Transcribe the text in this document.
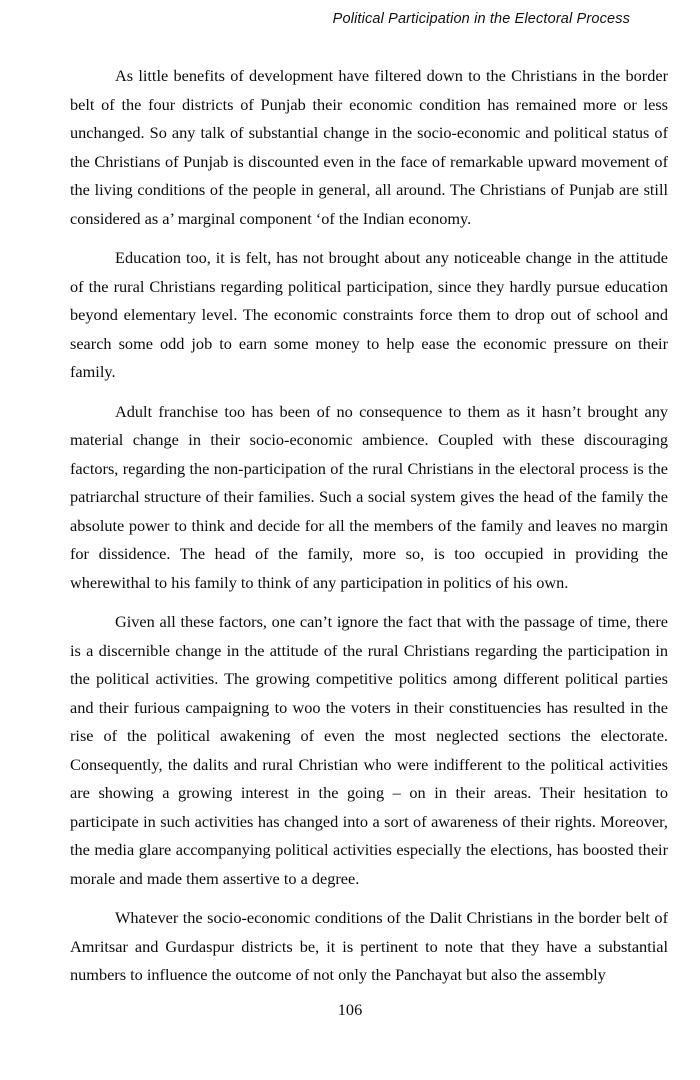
Political Participation in the Electoral Process

As little benefits of development have filtered down to the Christians in the border belt of the four districts of Punjab their economic condition has remained more or less unchanged. So any talk of substantial change in the socio-economic and political status of the Christians of Punjab is discounted even in the face of remarkable upward movement of the living conditions of the people in general, all around. The Christians of Punjab are still considered as a’ marginal component ‘of the Indian economy.

Education too, it is felt, has not brought about any noticeable change in the attitude of the rural Christians regarding political participation, since they hardly pursue education beyond elementary level. The economic constraints force them to drop out of school and search some odd job to earn some money to help ease the economic pressure on their family.

Adult franchise too has been of no consequence to them as it hasn’t brought any material change in their socio-economic ambience. Coupled with these discouraging factors, regarding the non-participation of the rural Christians in the electoral process is the patriarchal structure of their families. Such a social system gives the head of the family the absolute power to think and decide for all the members of the family and leaves no margin for dissidence. The head of the family, more so, is too occupied in providing the wherewithal to his family to think of any participation in politics of his own.

Given all these factors, one can’t ignore the fact that with the passage of time, there is a discernible change in the attitude of the rural Christians regarding the participation in the political activities. The growing competitive politics among different political parties and their furious campaigning to woo the voters in their constituencies has resulted in the rise of the political awakening of even the most neglected sections the electorate. Consequently, the dalits and rural Christian who were indifferent to the political activities are showing a growing interest in the going – on in their areas. Their hesitation to participate in such activities has changed into a sort of awareness of their rights. Moreover, the media glare accompanying political activities especially the elections, has boosted their morale and made them assertive to a degree.

Whatever the socio-economic conditions of the Dalit Christians in the border belt of Amritsar and Gurdaspur districts be, it is pertinent to note that they have a substantial numbers to influence the outcome of not only the Panchayat but also the assembly

106
